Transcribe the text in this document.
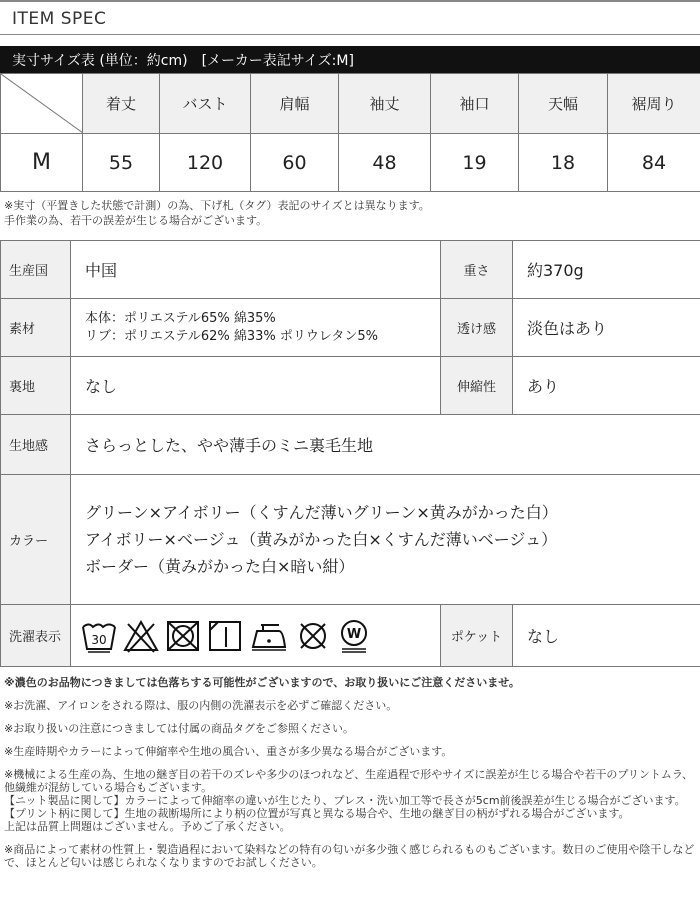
ITEM SPEC
実寸サイズ表 (単位：約cm)　[メーカー表記サイズ:M]
	着丈	バスト	肩幅	袖丈	袖口	天幅	裾周り
M	55	120	60	48	19	18	84
※実寸（平置きした状態で計測）の為、下げ札（タグ）表記のサイズとは異なります。
手作業の為、若干の誤差が生じる場合がございます。
生産国	中国	重さ	約370g
素材	本体：ポリエステル65% 綿35%
リブ：ポリエステル62% 綿33% ポリウレタン5%	透け感	淡色はあり
裏地	なし	伸縮性	あり
生地感	さらっとした、やや薄手のミニ裏毛生地		
カラー	グリーン×アイボリー（くすんだ薄いグリーン×黄みがかった白）
アイボリー×ベージュ（黄みがかった白×くすんだ薄いベージュ）
ボーダー（黄みがかった白×暗い紺）		

洗濯表示	30 W	ポケット	なし

※濃色のお品物につきましては色落ちする可能性がございますので、お取り扱いにご注意くださいませ。

※お洗濯、アイロンをされる際は、服の内側の洗濯表示を必ずご確認ください。

※お取り扱いの注意につきましては付属の商品タグをご参照ください。

※生産時期やカラーによって伸縮率や生地の風合い、重さが多少異なる場合がございます。

※機械による生産の為、生地の継ぎ目の若干のズレや多少のほつれなど、生産過程で形やサイズに誤差が生じる場合や若干のプリントムラ、他繊維が混紡している場合もございます。

【ニット製品に関して】カラーによって伸縮率の違いが生じたり、プレス・洗い加工等で長さが5cm前後誤差が生じる場合がございます。

【プリント柄に関して】生地の裁断場所により柄の位置が写真と異なる場合や、生地の継ぎ目の柄がずれる場合がございます。

上記は品質上問題はございません。予めご了承ください。

※商品によって素材の性質上・製造過程において染料などの特有の匂いが多少強く感じられるものもございます。数日のご使用や陰干しなどで、ほとんど匂いは感じられなくなりますのでお試しください。
